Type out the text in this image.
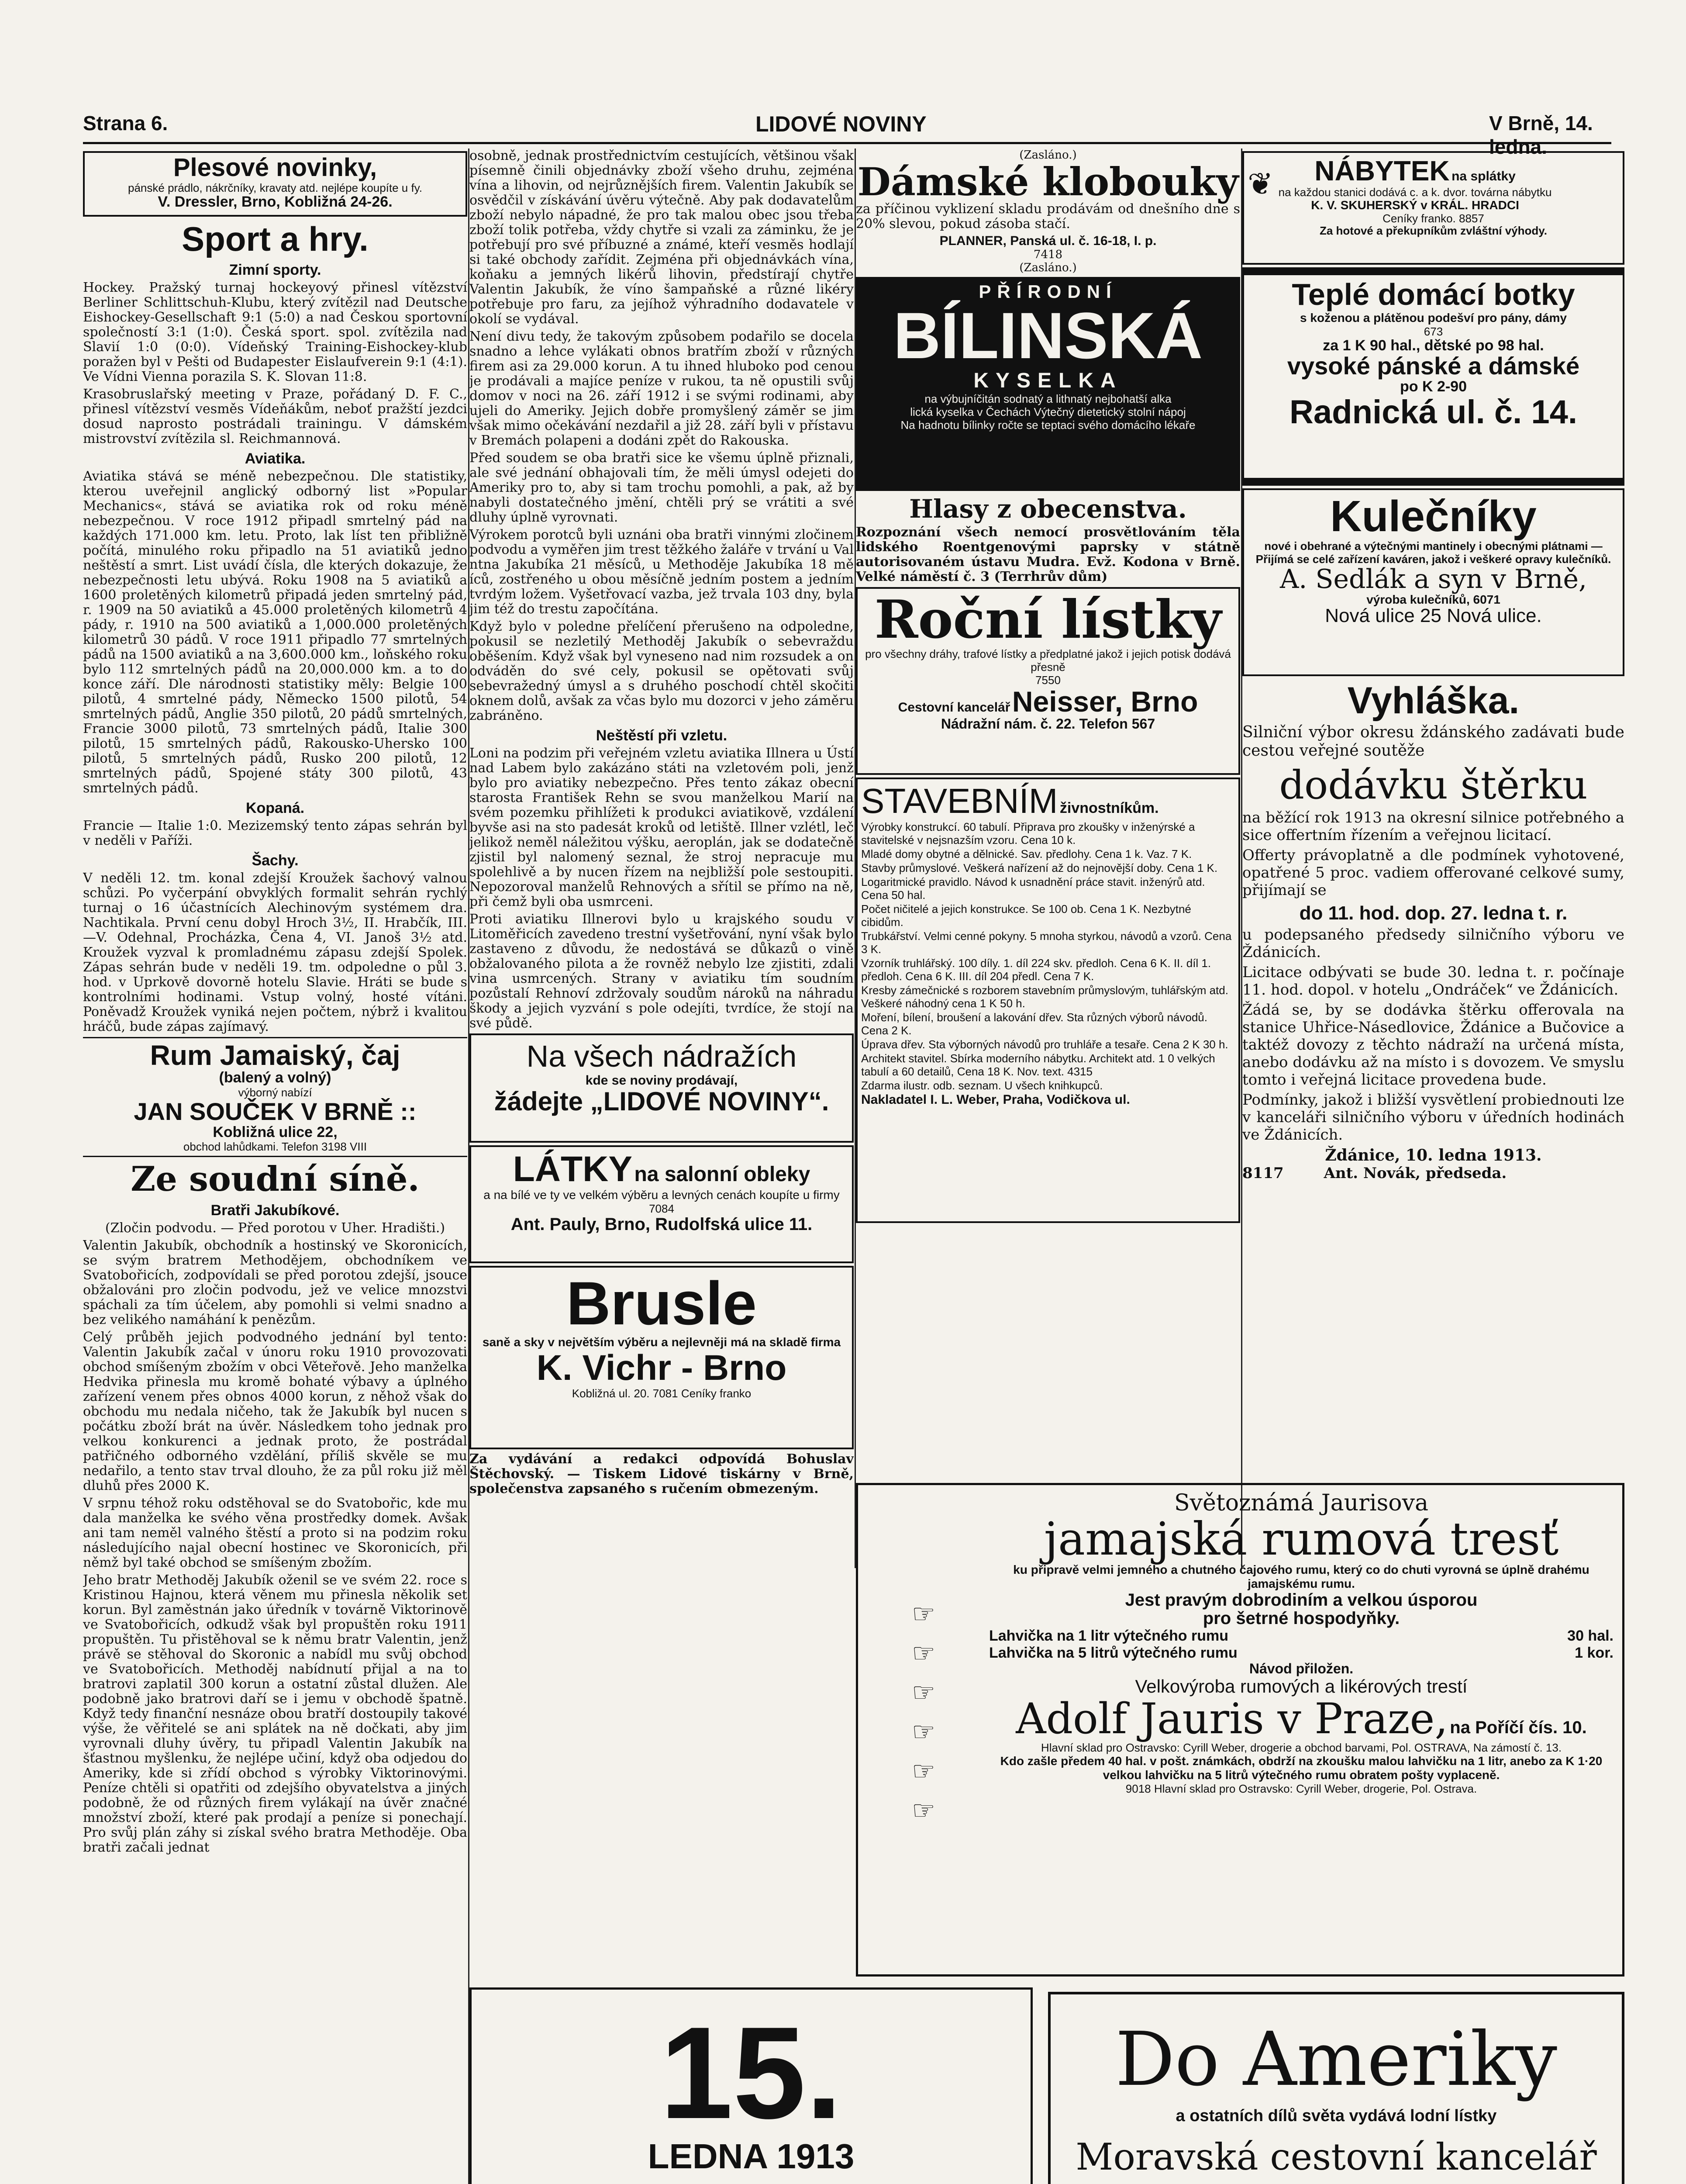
Strana 6.	LIDOVÉ NOVINY	V Brně, 14. ledna.
Plesové novinky,
pánské prádlo, nákrčníky, kravaty atd. nejlépe koupíte u fy.
V. Dressler, Brno, Kobližná 24-26.
Sport a hry.
Zimní sporty.

Hockey. Pražský turnaj hockeyový přinesl vítězství Berliner Schlittschuh-Klubu, který zvítězil nad Deutsche Eishockey-Gesellschaft 9:1 (5:0) a nad Českou sportovní společností 3:1 (1:0). Česká sport. spol. zvítězila nad Slavií 1:0 (0:0). Vídeňský Training-Eishockey-klub poražen byl v Pešti od Budapester Eislaufverein 9:1 (4:1). Ve Vídni Vienna porazila S. K. Slovan 11:8.

Krasobruslařský meeting v Praze, pořádaný D. F. C., přinesl vítězství vesměs Vídeňákům, neboť pražští jezdci dosud naprosto postrádali trainingu. V dámském mistrovství zvítězila sl. Reichmannová.

Aviatika.

Aviatika stává se méně nebezpečnou. Dle statistiky, kterou uveřejnil anglický odborný list »Popular Mechanics«, stává se aviatika rok od roku méně nebezpečnou. V roce 1912 připadl smrtelný pád na každých 171.000 km. letu. Proto, lak líst ten přibližně počítá, minulého roku připadlo na 51 aviatiků jedno neštěstí a smrt. List uvádí čísla, dle kterých dokazuje, že nebezpečnosti letu ubývá. Roku 1908 na 5 aviatiků a 1600 proletěných kilometrů připadá jeden smrtelný pád, r. 1909 na 50 aviatiků a 45.000 proletěných kilometrů 4 pády, r. 1910 na 500 aviatiků a 1,000.000 proletěných kilometrů 30 pádů. V roce 1911 připadlo 77 smrtelných pádů na 1500 aviatiků a na 3,600.000 km., loňského roku bylo 112 smrtelných pádů na 20,000.000 km. a to do konce září. Dle národnosti statistiky měly: Belgie 100 pilotů, 4 smrtelné pády, Německo 1500 pilotů, 54 smrtelných pádů, Anglie 350 pilotů, 20 pádů smrtelných, Francie 3000 pilotů, 73 smrtelných pádů, Italie 300 pilotů, 15 smrtelných pádů, Rakousko-Uhersko 100 pilotů, 5 smrtelných pádů, Rusko 200 pilotů, 12 smrtelných pádů, Spojené státy 300 pilotů, 43 smrtelných pádů.

Kopaná.

Francie — Italie 1:0. Mezizemský tento zápas sehrán byl v neděli v Paříži.

Šachy.

V neděli 12. tm. konal zdejší Kroužek šachový valnou schůzi. Po vyčerpání obvyklých formalit sehrán rychlý turnaj o 16 účastnících Alechinovým systémem dra. Nachtikala. První cenu dobyl Hroch 3½, II. Hrabčík, III.—V. Odehnal, Procházka, Čena 4, VI. Janoš 3½ atd. Kroužek vyzval k promladnému zápasu zdejší Spolek. Zápas sehrán bude v neděli 19. tm. odpoledne o půl 3. hod. v Uprkově dovorně hotelu Slavie. Hráti se bude s kontrolními hodinami. Vstup volný, hosté vítáni. Poněvadž Kroužek vyniká nejen počtem, nýbrž i kvalitou hráčů, bude zápas zajímavý.

Rum Jamaiský, čaj
(balený a volný)
výborný nabízí
JAN SOUČEK V BRNĚ ::
Kobližná ulice 22,
obchod lahůdkami. Telefon 3198 VIII
Ze soudní síně.
Bratři Jakubíkové.

(Zločin podvodu. — Před porotou v Uher. Hradišti.)

Valentin Jakubík, obchodník a hostinský ve Skoronicích, se svým bratrem Methodějem, obchodníkem ve Svatobořicích, zodpovídali se před porotou zdejší, jsouce obžalováni pro zločin podvodu, jež ve velice mnozstvi spáchali za tím účelem, aby pomohli si velmi snadno a bez velikého namáhání k penězům.

Celý průběh jejich podvodného jednání byl tento: Valentin Jakubík začal v únoru roku 1910 provozovati obchod smíšeným zbožím v obci Věteřově. Jeho manželka Hedvika přinesla mu kromě bohaté výbavy a úplného zařízení venem přes obnos 4000 korun, z něhož však do obchodu mu nedala ničeho, tak že Jakubík byl nucen s počátku zboží brát na úvěr. Následkem toho jednak pro velkou konkurenci a jednak proto, že postrádal patřičného odborného vzdělání, příliš skvěle se mu nedařilo, a tento stav trval dlouho, že za půl roku již měl dluhů přes 2000 K.

V srpnu téhož roku odstěhoval se do Svatobořic, kde mu dala manželka ke svého věna prostředky domek. Avšak ani tam neměl valného štěstí a proto si na podzim roku následujícího najal obecní hostinec ve Skoronicích, při němž byl také obchod se smíšeným zbožím.

Jeho bratr Methoděj Jakubík oženil se ve svém 22. roce s Kristinou Hajnou, která věnem mu přinesla několik set korun. Byl zaměstnán jako úředník v továrně Viktorinově ve Svatobořicích, odkudž však byl propuštěn roku 1911 propuštěn. Tu přistěhoval se k němu bratr Valentin, jenž právě se stěhoval do Skoronic a nabídl mu svůj obchod ve Svatobořicích. Methoděj nabídnutí přijal a na to bratrovi zaplatil 300 korun a ostatní zůstal dlužen. Ale podobně jako bratrovi daří se i jemu v obchodě špatně. Když tedy finanční nesnáze obou bratří dostoupily takové výše, že věřitelé se ani splátek na ně dočkati, aby jim vyrovnali dluhy úvěry, tu připadl Valentin Jakubík na šťastnou myšlenku, že nejlépe učiní, když oba odjedou do Ameriky, kde si zřídí obchod s výrobky Viktorinovými. Peníze chtěli si opatřiti od zdejšího obyvatelstva a jiných podobně, že od různých firem vylákají na úvěr značné množství zboží, které pak prodají a peníze si ponechají. Pro svůj plán záhy si získal svého bratra Methoděje. Oba bratři začali jednat

osobně, jednak prostřednictvím cestujících, většinou však písemně činili objednávky zboží všeho druhu, zejména vína a lihovin, od nejrůznějších firem. Valentin Jakubík se osvědčil v získávání úvěru výtečně. Aby pak dodavatelům zboží nebylo nápadné, že pro tak malou obec jsou třeba zboží tolik potřeba, vždy chytře si vzali za záminku, že je potřebují pro své příbuzné a známé, kteří vesměs hodlají si také obchody zařídit. Zejména při objednávkách vína, koňaku a jemných likérů lihovin, předstírají chytře Valentin Jakubík, že víno šampaňské a různé likéry potřebuje pro faru, za jejíhož výhradního dodavatele v okolí se vydával.

Není divu tedy, že takovým způsobem podařilo se docela snadno a lehce vylákati obnos bratřím zboží v různých firem asi za 29.000 korun. A tu ihned hluboko pod cenou je prodávali a majíce peníze v rukou, ta ně opustili svůj domov v noci na 26. září 1912 i se svými rodinami, aby ujeli do Ameriky. Jejich dobře promyšlený záměr se jim však mimo očekávání nezdařil a již 28. září byli v přístavu v Bremách polapeni a dodáni zpět do Rakouska.

Před soudem se oba bratři sice ke všemu úplně přiznali, ale své jednání obhajovali tím, že měli úmysl odejeti do Ameriky pro to, aby si tam trochu pomohli, a pak, až by nabyli dostatečného jmění, chtěli prý se vrátiti a své dluhy úplně vyrovnati.

Výrokem porotců byli uznáni oba bratři vinnými zločinem podvodu a vyměřen jim trest těžkého žaláře v trvání u Val ntna Jakubíka 21 měsíců, u Methoděje Jakubíka 18 mě íců, zostřeného u obou měsíčně jedním postem a jedním tvrdým ložem. Vyšetřovací vazba, jež trvala 103 dny, byla jim též do trestu započítána.

Když bylo v poledne přelíčení přerušeno na odpoledne, pokusil se nezletilý Methoděj Jakubík o sebevraždu oběšením. Když však byl vyneseno nad nim rozsudek a on odváděn do své cely, pokusil se opětovati svůj sebevražedný úmysl a s druhého poschodí chtěl skočiti oknem dolů, avšak za včas bylo mu dozorci v jeho záměru zabráněno.

Neštěstí při vzletu.

Loni na podzim při veřejném vzletu aviatika Illnera u Ústí nad Labem bylo zakázáno státi na vzletovém poli, jenž bylo pro aviatiky nebezpečno. Přes tento zákaz obecní starosta František Rehn se svou manželkou Marií na svém pozemku přihlížeti k produkci aviatikově, vzdálení byvše asi na sto padesát kroků od letiště. Illner vzlétl, leč jelikož neměl náležitou výšku, aeroplán, jak se dodatečně zjistil byl nalomený seznal, že stroj nepracuje mu spolehlivě a by nucen řízem na nejbližší pole sestoupiti. Nepozoroval manželů Rehnových a sřítil se přímo na ně, při čemž byli oba usmrceni.

Proti aviatiku Illnerovi bylo u krajského soudu v Litoměřicích zavedeno trestní vyšetřování, nyní však bylo zastaveno z důvodu, že nedostává se důkazů o vině obžalovaného pilota a že rovněž nebylo lze zjistiti, zdali vina usmrcených. Strany v aviatiku tím soudním pozůstalí Rehnoví zdržovaly soudům nároků na náhradu škody a jejich vyzvání s pole odejíti, tvrdíce, že stojí na své půdě.

Na všech nádražích
kde se noviny prodávají,
žádejte „LIDOVÉ NOVINY“.
LÁTKY na salonní obleky
a na bílé ve ty ve velkém výběru a levných cenách koupíte u firmy
7084
Ant. Pauly, Brno, Rudolfská ulice 11.
Brusle
saně a sky v největším výběru a nejlevněji má na skladě firma
K. Vichr - Brno
Kobližná ul. 20. 7081 Ceníky franko

Za vydávání a redakci odpovídá Bohuslav Štěchovský. — Tiskem Lidové tiskárny v Brně, společenstva zapsaného s ručením obmezeným.

(Zasláno.)
Dámské klobouky

za příčinou vyklizení skladu prodávám od dnešního dne s 20% slevou, pokud zásoba stačí.

PLANNER, Panská ul. č. 16-18, I. p.
7418
(Zasláno.)
PŘÍRODNÍ
BÍLINSKÁ
KYSELKA
na výbujníčitán sodnatý a lithnatý nejbohatší alka
lická kyselka v Čechách Výtečný dietetický stolní nápoj
Na hadnotu bílinky ročte se teptaci svého domácího lékaře
Hlasy z obecenstva.

Rozpoznání všech nemocí prosvětlováním těla lidského Roentgenovými paprsky v státně autorisovaném ústavu Mudra. Evž. Kodona v Brně. Velké náměstí č. 3 (Terrhrův dům)

Roční lístky
pro všechny dráhy, trafové lístky a předplatné jakož i jejich potisk dodává přesně
7550
Cestovní kancelář Neisser, Brno
Nádražní nám. č. 22. Telefon 567
STAVEBNÍM živnostníkům.
Výrobky konstrukcí. 60 tabulí. Připrava pro zkoušky v inženýrské a stavitelské v nejsnazším vzoru. Cena 10 k.
Mladé domy obytné a dělnické. Sav. předlohy. Cena 1 k. Vaz. 7 K.
Stavby průmyslové. Veškerá nařízení až do nejnovější doby. Cena 1 K.
Logaritmické pravidlo. Návod k usnadnění práce stavit. inženýrů atd. Cena 50 hal.
Počet ničitelé a jejich konstrukce. Se 100 ob. Cena 1 K. Nezbytné cibidům.
Trubkářství. Velmi cenné pokyny. 5 mnoha styrkou, návodů a vzorů. Cena 3 K.
Vzorník truhlářský. 100 díly. 1. díl 224 skv. předloh. Cena 6 K. II. díl 1. předloh. Cena 6 K. III. díl 204 předl. Cena 7 K.
Kresby zámečnické s rozborem stavebním průmyslovým, tuhlářským atd. Veškeré náhodný cena 1 K 50 h.
Moření, bílení, broušení a lakování dřev. Sta různých výborů návodů. Cena 2 K.
Úprava dřev. Sta výborných návodů pro truhláře a tesaře. Cena 2 K 30 h.
Architekt stavitel. Sbírka moderního nábytku. Architekt atd. 1 0 velkých tabulí a 60 detailů, Cena 18 K. Nov. text. 4315
Zdarma ilustr. odb. seznam. U všech knihkupců.
Nakladatel I. L. Weber, Praha, Vodičkova ul.
❦	NÁBYTEK na splátky
na každou stanici dodává c. a k. dvor. továrna nábytku
K. V. SKUHERSKÝ v KRÁL. HRADCI
Ceníky franko. 8857
Za hotové a překupníkům zvláštní výhody.
Teplé domácí botky
s koženou a plátěnou podešví pro pány, dámy
673
za 1 K 90 hal., dětské po 98 hal.
vysoké pánské a dámské
po K 2-90
Radnická ul. č. 14.
Kulečníky
nové i obehrané a výtečnými mantinely i obecnými plátnami — Přijímá se celé zařízení kaváren, jakož i veškeré opravy kulečníků.
A. Sedlák a syn v Brně,
výroba kulečníků, 6071
Nová ulice 25 Nová ulice.
Vyhláška.

Silniční výbor okresu ždánského zadávati bude cestou veřejné soutěže

dodávku štěrku

na běžící rok 1913 na okresní silnice potřebného a sice offertním řízením a veřejnou licitací.

Offerty právoplatně a dle podmínek vyhotovené, opatřené 5 proc. vadiem offerované celkové sumy, přijímají se

do 11. hod. dop. 27. ledna t. r.

u podepsaného předsedy silničního výboru ve Ždánicích.

Licitace odbývati se bude 30. ledna t. r. počínaje 11. hod. dopol. v hotelu „Ondráček“ ve Ždánicích.

Žádá se, by se dodávka štěrku offerovala na stanice Uhřice-Násedlovice, Ždánice a Bučovice a taktéž dovozy z těchto nádraží na určená místa, anebo dodávku až na místo i s dovozem. Ve smyslu tomto i veřejná licitace provedena bude.

Podmínky, jakož i bližší vysvětlení probiednouti lze v kanceláři silničního výboru v úředních hodinách ve Ždánicích.

Ždánice, 10. ledna 1913.
8117	Ant. Novák, předseda.
☞
☞
☞
☞
☞
☞
Světoznámá Jaurisova
jamajská rumová tresť
ku připravě velmi jemného a chutného čajového rumu, který co do chuti vyrovná se úplně drahému jamajskému rumu.
Jest pravým dobrodiním a velkou úsporou
pro šetrné hospodyňky.
Lahvička na 1 litr výtečného rumu	30 hal.
Lahvička na 5 litrů výtečného rumu	1 kor.
Návod přiložen.
Velkovýroba rumových a likérových trestí
Adolf Jauris v Praze, na Poříčí čís. 10.
Hlavní sklad pro Ostravsko: Cyrill Weber, drogerie a obchod barvami, Pol. OSTRAVA, Na zámostí č. 13.
Kdo zašle předem 40 hal. v pošt. známkách, obdrží na zkoušku malou lahvičku na 1 litr, anebo za K 1·20 velkou lahvičku na 5 litrů výtečného rumu obratem pošty vyplaceně.
9018 Hlavní sklad pro Ostravsko: Cyrill Weber, drogerie, Pol. Ostrava.
15.
LEDNA 1913
Do Ameriky
a ostatních dílů světa vydává lodní lístky
Moravská cestovní kancelář
